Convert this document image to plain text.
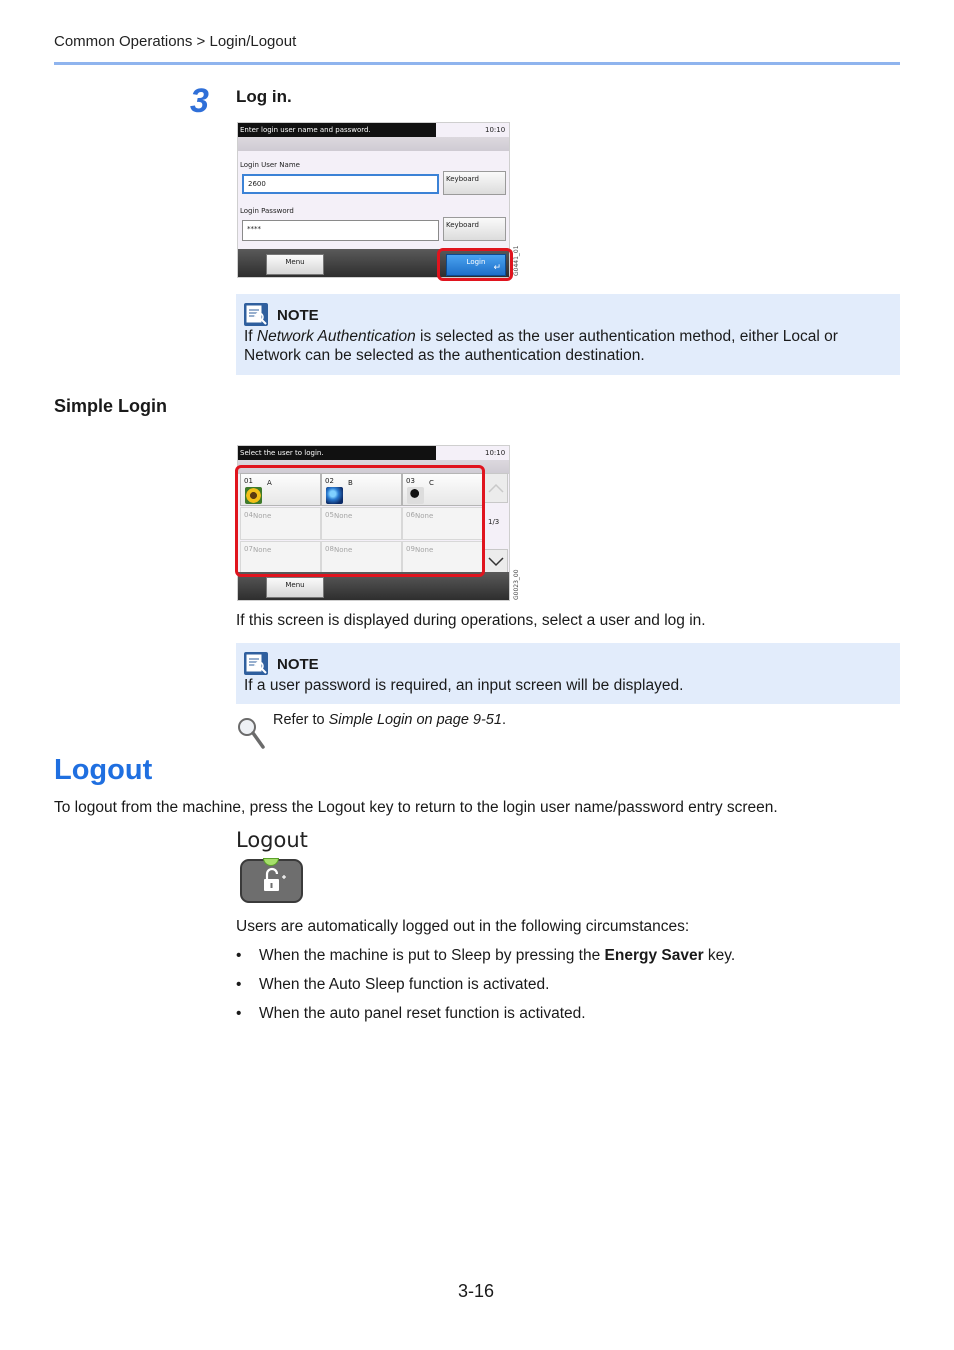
Common Operations > Login/Logout
3 Log in.
Enter login user name and password.	10:10
Login User Name
2600
Keyboard
Login Password
****	Keyboard
Menu	Login
↵ G0441_01
NOTE
If Network Authentication is selected as the user authentication method, either Local or Network can be selected as the authentication destination.
Simple Login
Select the user to login.	10:10
01 A	02 B	03 C
04 None	05 None	06 None
07 None	08 None	09 None
1/3
Menu	G0023_00
If this screen is displayed during operations, select a user and log in.
NOTE
If a user password is required, an input screen will be displayed.
Refer to Simple Login on page 9-51.
Logout
To logout from the machine, press the Logout key to return to the login user name/password entry screen.
Logout
Users are automatically logged out in the following circumstances:
• When the machine is put to Sleep by pressing the Energy Saver key.
• When the Auto Sleep function is activated.
• When the auto panel reset function is activated.
3-16
